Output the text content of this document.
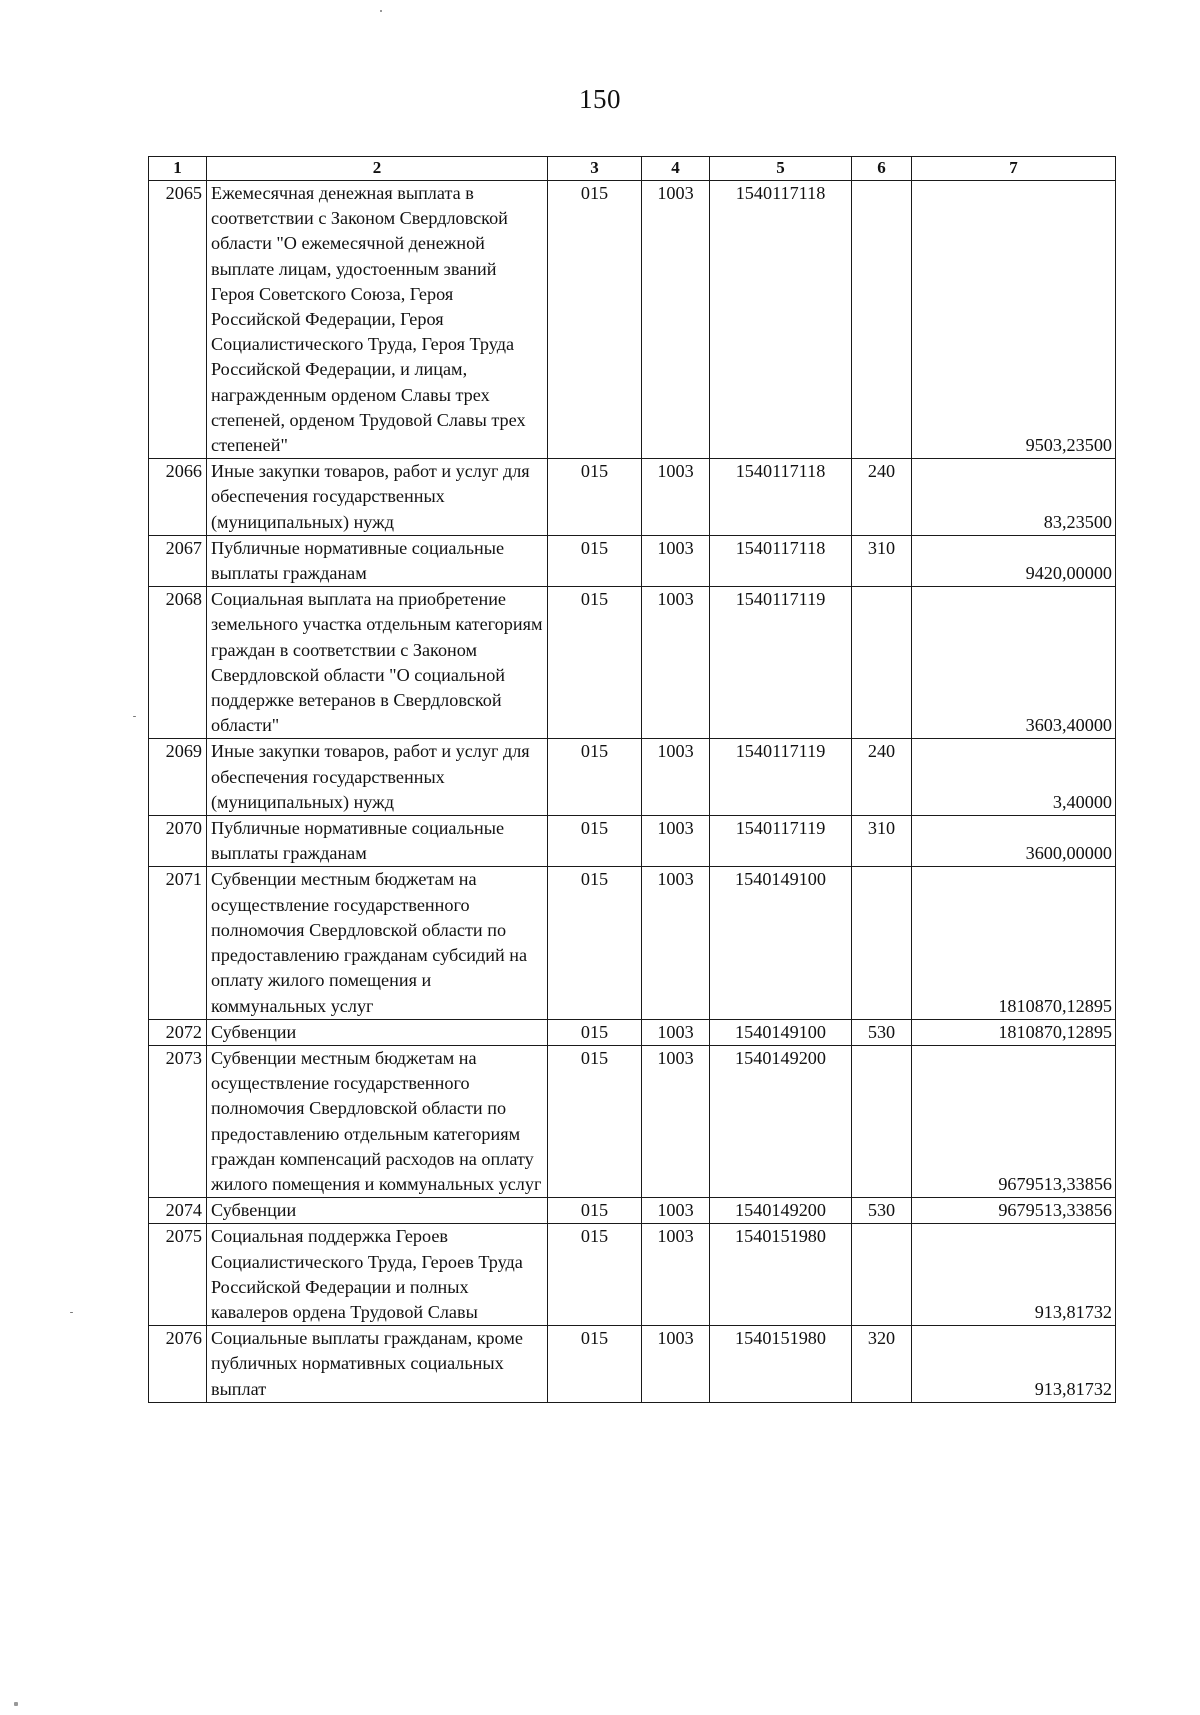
150
1	2	3	4	5	6	7
2065	Ежемесячная денежная выплата в соответствии с Законом Свердловской области "О ежемесячной денежной выплате лицам, удостоенным званий Героя Советского Союза, Героя Российской Федерации, Героя Социалистического Труда, Героя Труда Российской Федерации, и лицам, награжденным орденом Славы трех степеней, орденом Трудовой Славы трех степеней"	015	1003	1540117118		9503,23500
2066	Иные закупки товаров, работ и услуг для обеспечения государственных (муниципальных) нужд	015	1003	1540117118	240	83,23500
2067	Публичные нормативные социальные выплаты гражданам	015	1003	1540117118	310	9420,00000
2068	Социальная выплата на приобретение земельного участка отдельным категориям граждан в соответствии с Законом Свердловской области "О социальной поддержке ветеранов в Свердловской области"	015	1003	1540117119		3603,40000
2069	Иные закупки товаров, работ и услуг для обеспечения государственных (муниципальных) нужд	015	1003	1540117119	240	3,40000
2070	Публичные нормативные социальные выплаты гражданам	015	1003	1540117119	310	3600,00000
2071	Субвенции местным бюджетам на осуществление государственного полномочия Свердловской области по предоставлению гражданам субсидий на оплату жилого помещения и коммунальных услуг	015	1003	1540149100		1810870,12895
2072	Субвенции	015	1003	1540149100	530	1810870,12895
2073	Субвенции местным бюджетам на осуществление государственного полномочия Свердловской области по предоставлению отдельным категориям граждан компенсаций расходов на оплату жилого помещения и коммунальных услуг	015	1003	1540149200		9679513,33856
2074	Субвенции	015	1003	1540149200	530	9679513,33856
2075	Социальная поддержка Героев Социалистического Труда, Героев Труда Российской Федерации и полных кавалеров ордена Трудовой Славы	015	1003	1540151980		913,81732
2076	Социальные выплаты гражданам, кроме публичных нормативных социальных выплат	015	1003	1540151980	320	913,81732
